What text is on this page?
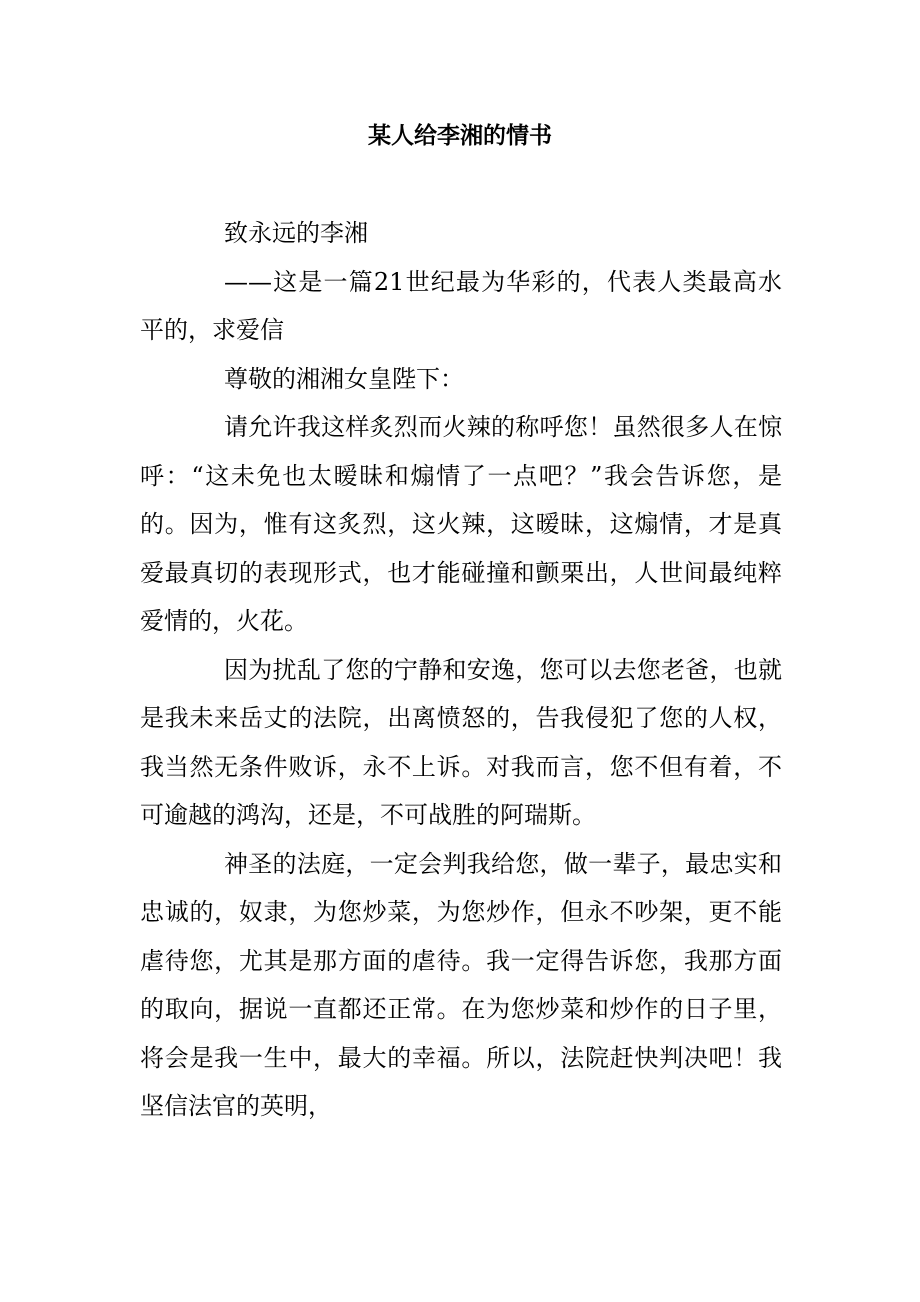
某人给李湘的情书

致永远的李湘

——这是一篇21世纪最为华彩的，代表人类最高水平的，求爱信

尊敬的湘湘女皇陛下：

请允许我这样炙烈而火辣的称呼您！虽然很多人在惊呼：“这未免也太暧昧和煽情了一点吧？”我会告诉您，是的。因为，惟有这炙烈，这火辣，这暧昧，这煽情，才是真爱最真切的表现形式，也才能碰撞和颤栗出，人世间最纯粹爱情的，火花。

因为扰乱了您的宁静和安逸，您可以去您老爸，也就是我未来岳丈的法院，出离愤怒的，告我侵犯了您的人权，我当然无条件败诉，永不上诉。对我而言，您不但有着，不可逾越的鸿沟，还是，不可战胜的阿瑞斯。

神圣的法庭，一定会判我给您，做一辈子，最忠实和忠诚的，奴隶，为您炒菜，为您炒作，但永不吵架，更不能虐待您，尤其是那方面的虐待。我一定得告诉您，我那方面的取向，据说一直都还正常。在为您炒菜和炒作的日子里，将会是我一生中，最大的幸福。所以，法院赶快判决吧！我坚信法官的英明，
